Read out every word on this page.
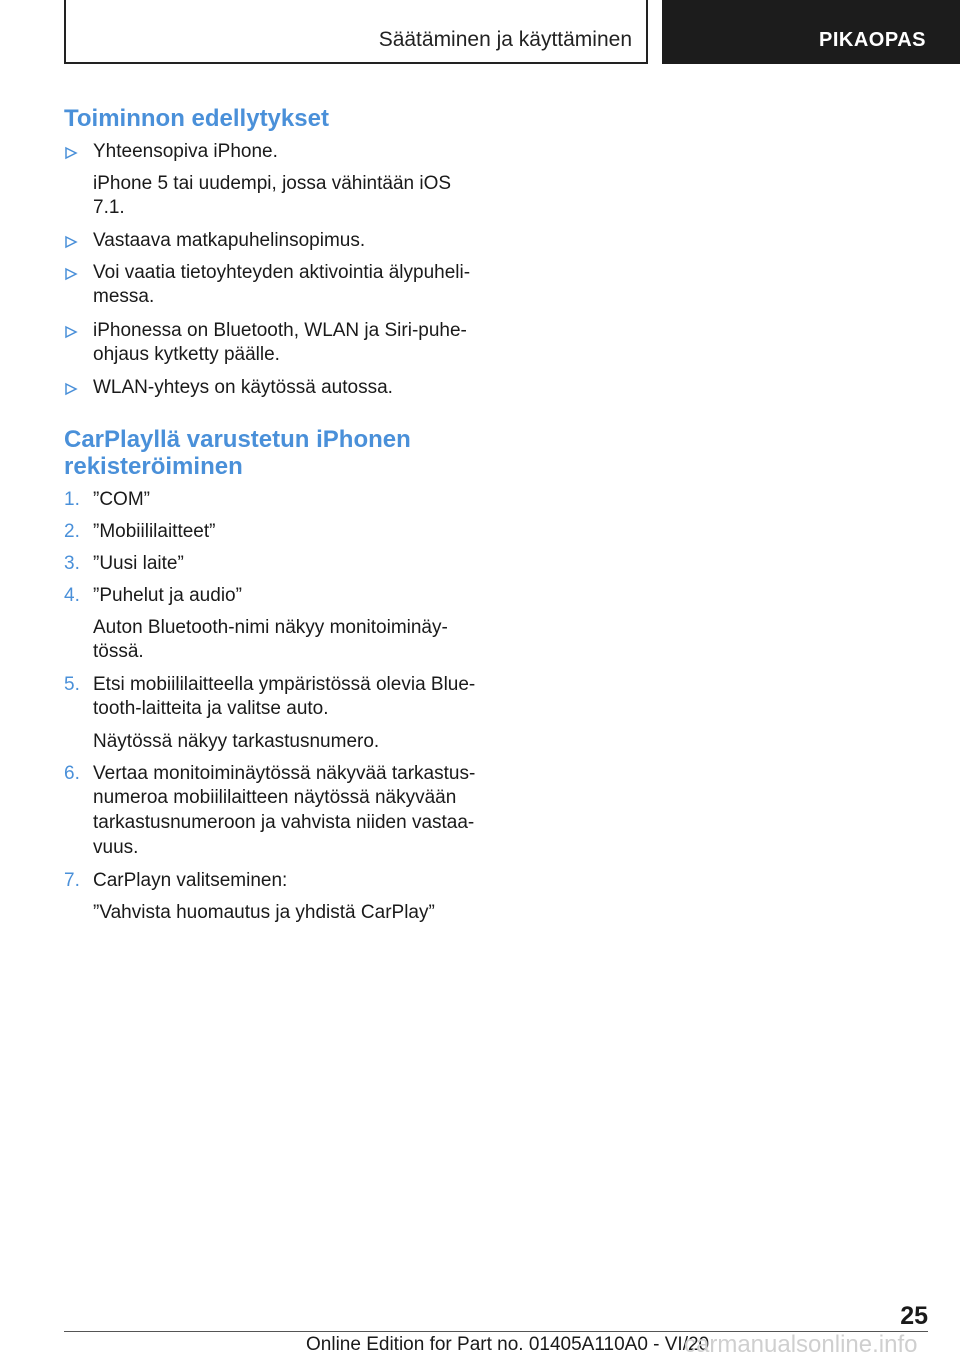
Säätäminen ja käyttäminen	PIKAOPAS
Toiminnon edellytykset
Yhteensopiva iPhone.
iPhone 5 tai uudempi, jossa vähintään iOS
7.1.
Vastaava matkapuhelinsopimus.
Voi vaatia tietoyhteyden aktivointia älypuheli-
messa.
iPhonessa on Bluetooth, WLAN ja Siri-puhe-
ohjaus kytketty päälle.
WLAN-yhteys on käytössä autossa.
CarPlayllä varustetun iPhonen
rekisteröiminen
1. ”COM”
2. ”Mobiililaitteet”
3. ”Uusi laite”
4. ”Puhelut ja audio”
Auton Bluetooth-nimi näkyy monitoiminäy-
tössä.
5. Etsi mobiililaitteella ympäristössä olevia Blue-
tooth-laitteita ja valitse auto.
Näytössä näkyy tarkastusnumero.
6. Vertaa monitoiminäytössä näkyvää tarkastus-
numeroa mobiililaitteen näytössä näkyvään
tarkastusnumeroon ja vahvista niiden vastaa-
vuus.
7. CarPlayn valitseminen:
”Vahvista huomautus ja yhdistä CarPlay”
25
Online Edition for Part no. 01405A110A0 - VI/20
carmanualsonline.info
